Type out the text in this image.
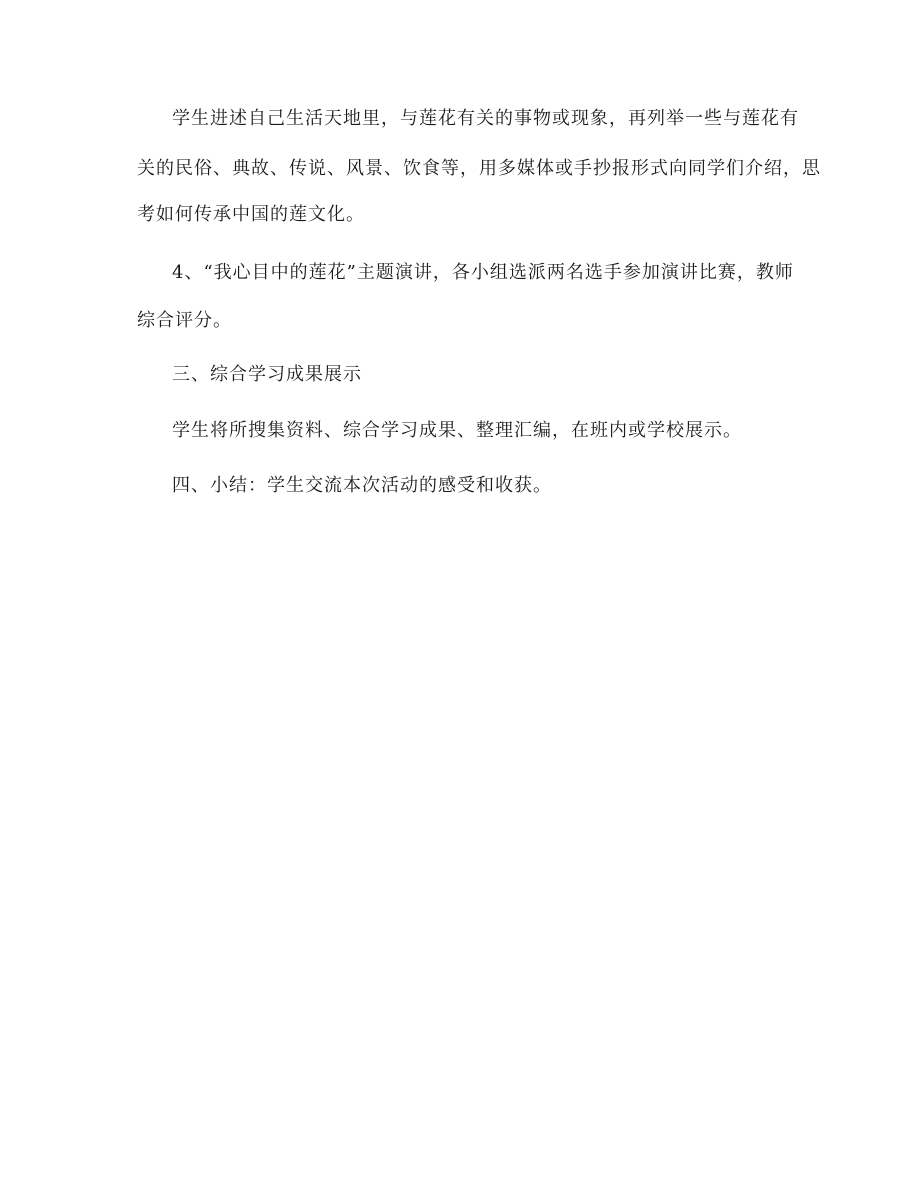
学生进述自己生活天地里，与莲花有关的事物或现象，再列举一些与莲花有
关的民俗、典故、传说、风景、饮食等，用多媒体或手抄报形式向同学们介绍，思
考如何传承中国的莲文化。
4、“我心目中的莲花”主题演讲，各小组选派两名选手参加演讲比赛，教师
综合评分。
三、综合学习成果展示
学生将所搜集资料、综合学习成果、整理汇编，在班内或学校展示。
四、小结：学生交流本次活动的感受和收获。
